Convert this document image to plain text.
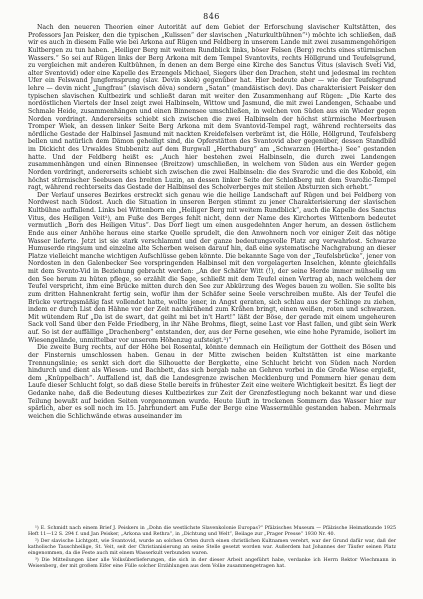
846

Nach den neueren Theorien einer Autorität auf dem Gebiet der Erforschung slavischer Kultstätten, des Professors Jan Peisker, den die typischen „Kulissen“ der slavischen „Naturkultbühnen“¹) möchte ich schließen, daß wir es auch in diesem Falle wie bei Arkona auf Rügen und Feldberg in unserem Lande mit zwei zusammengehörigen Kultbergen zu tun haben. „Heiliger Berg mit weitem Rundblick links, böser Felsen (Berg) rechts eines stürmischen Wassers.“ So sei auf Rügen links der Berg Arkona mit dem Tempel Svantovits, rechts Höllgrund und Teufelsgrund, zu vergleichen mit anderen Kultbühnen, in denen an dem Berge eine Kirche des Sanctus Vitus (slavisch Svetí Vid, alter Sventovid) oder eine Kapelle des Erzengels Michael, Siegers über den Drachen, steht und jedesmal im rechten Ufer ein Felswand Jungfernsprung (slav. Devin skok) gegenüber hat. Hier bedeute aber — wie der Teufelsgrund lehre — devin nicht „Jungfrau“ (slavisch děva) sondern „Satan“ (mandäistisch dev). Das charakterisiert Peisker den typischen slavischen Kultbezirk und schließt daran mit weiter den Zusammenhang auf Rügen: „Die Karte des nordöstlichen Viertels der Insel zeigt zwei Halbinseln, Wittow und Jasmund, die mit zwei Landengen, Schaabe und Schmale Heide, zusammenhängen und einen Binnensee umschließen, in welchen von Süden aus ein Wieder gegen Norden vordringt. Andererseits schiebt sich zwischen die zwei Halbinseln der höchst stürmische Meerbusen Tromper Wiek, an dessen linker Seite Berg Arkona mit dem Svantovid-Tempel ragt, während rechterseits das nördliche Gestade der Halbinsel Jasmund mit nackten Kreidefelsen verbrämt ist, die Hölle, Höllgrund, Teufelsberg bellen und natürlich dem Dämon geheiligt sind, die Opferstätten des Svantovid aber gegenüber, dessen Standbild im Dickicht des Urwaldes Stubbenitz auf dem Burgwall „Herthaburg“ am „Schwarzen (Hertha-) See“ gestanden hatte. Und der Feldberg heißt es: „Auch hier bestehen zwei Halbinseln, die durch zwei Landengen zusammenhängen und einen Binnensee (Breitzow) umschließen, in welchem von Süden aus ein Werder gegen Norden vordringt, andererseits schiebt sich zwischen die zwei Halbinseln: die des Svarožic und die des Kobold, ein höchst stürmischer Seebusen des breiten Luzin, an dessen linker Seite der Schloßberg mit dem Svarožic-Tempel ragt, während rechterseits das Gestade der Halbinsel des Scholverberges mit steilen Absturzen sich erhebt.“

Der Verlauf unseres Bezirkes erstreckt sich genau wie die heilige Landschaft auf Rügen und bei Feldberg von Nordwest nach Südost. Auch die Situation in unseren Bergen stimmt zu jener Charakterisierung der slavischen Kultbühne auffallend. Links bei Wittenborn ein „Heiliger Berg mit weitem Rundblick“, auch die Kapelle des Sanctus Vitus, des Heiligen Veit²), am Fuße des Berges fehlt nicht, denn der Name des Kirchortes Wittenborn bedeutet vermutlich „Born des Heiligen Vitus“. Das Dorf liegt um einen ausgedehnten Anger herum, an dessen östlichem Ende aus einer Anhöhe heraus eine starke Quelle sprudelt, die den Anwohnern noch vor einiger Zeit das nötige Wasser lieferte. Jetzt ist sie stark verschlammt und der ganze bedeutungsvolle Platz arg verwahrlost. Schwarze Humuserde ringsum und einzelne alte Scherben weisen darauf hin, daß eine systematische Nachgrabung an dieser Platze vielleicht manche wichtigen Aufschlüsse geben könnte. Die bekannte Sage von der „Teufelsbrücke“, jener von Nordosten in den Galenbecker See vorspringenden Halbinsel mit den vorgelagerten Inselchen, könnte gleichfalls mit dem Svento-Vid in Beziehung gebracht werden: „An der Schäfer Witt (!), der seine Herde immer mühselig um den See herum zu hüten pflege, so erzählt die Sage, schließt mit dem Teufel einen Vertrag ab, nach welchem der Teufel verspricht, ihm eine Brücke mitten durch den See zur Abkürzung des Weges bauen zu wollen. Sie sollte bis zum dritten Hahnenkraht fertig sein, wofür ihm der Schäfer seine Seele verschreiben mußte. Als der Teufel die Brücke vertragsmäßig fast vollendet hatte, wollte jener, in Angst geraten, sich schlau aus der Schlinge zu ziehen, indem er durch List den Hähne vor der Zeit nachkrähend zum Krähen bringt, einen weißen, roten und schwarzen. Mit wütendem Ruf „Da ist de swart, dat geiht mi bet in't Hart!“ läßt der Böse, der gerade mit einem ungeheuren Sack voll Sand über den Felde Friedberg, in ihr Nähe Brohms, fliegt, seine Last vor Hast fallen, und gibt sein Werk auf. So ist der auffällige „Drachenberg“ entstanden, der, aus der Ferne gesehen, wie eine hohe Pyramide, isoliert im Wiesengelände, unmittelbar vor unserem Höhenzug aufsteigt.³)“

Die zweite Burg rechts, auf der Höhe bei Rosental, könnte demnach ein Heiligtum der Gottheit des Bösen und der Finsternis umschlossen haben. Genau in der Mitte zwischen beiden Kultstätten ist eine markante Trennungslinie; es senkt sich dort die Silhouette der Bergkette, eine Schlucht bricht von Süden nach Norden hindurch und dient als Wiesen- und Bachbett, das sich bergab nahe an Gehren vorbei in die Große Wiese ergießt, dem „Knüppelbach“. Auffallend ist, daß die Landesgrenze zwischen Mecklenburg und Pommern hier genau dem Laufe dieser Schlucht folgt, so daß diese Stelle bereits in frühester Zeit eine weitere Wichtigkeit besitzt. Es liegt der Gedanke nahe, daß die Bedeutung dieses Kultbezirkes zur Zeit der Grenzfestlegung noch bekannt war und diese Teilung bewußt auf beiden Seiten vorgenommen wurde. Heute läuft in trockenen Sommern das Wasser hier nur spärlich, aber es soll noch im 15. Jahrhundert am Fuße der Berge eine Wassermühle gestanden haben. Mehrmals weichen die Schlichwände etwas auseinander im

¹) E. Schmidt nach einem Brief J. Peiskers in „Dohn die westlichste Slavenkolonie Europas?“ Pfälzisches Museum — Pfälzische Heimatkunde 1925 Heft 11—12 S. 294 f. und Jan Peisker, „Arkona und Rethra“, in „Dichtung und Welt“, Beilage zur „Prager Presse“ 1930 Nr. 40.

²) Der slavische Lichtgott, wie Svantovid, wurde an solchen Orten durch einen christlichen Kultnamen verehrt, war der Grund dafür war, daß der katholische Tauschheilige, St. Veit, seit der Christianisierung an seine Stelle gesetzt worden war. Außerdem hat Johannes der Täufer seinen Platz eingenommen, da die Feste auch mit einem Wasserkult verbunden waren.

³) Die Mitteilungen über alle Volksüberlieferungen, die sich in der dieser Arbeit angeführt habe, verdanke ich Herrn Rektor Wiechmann in Weisenberg, der mit großem Eifer eine Fülle solcher Erzählungen aus dem Volke zusammengetragen hat.
